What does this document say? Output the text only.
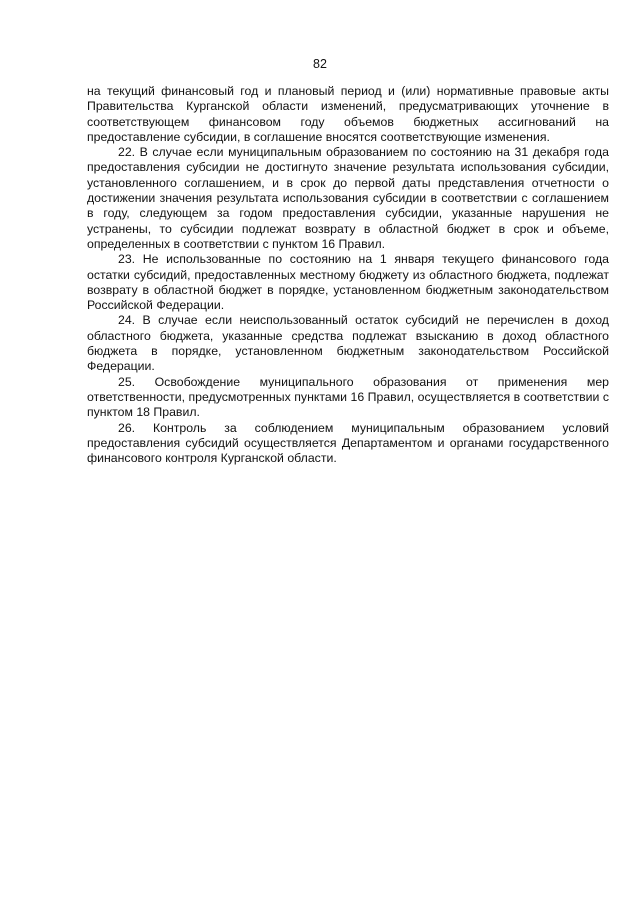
82

на текущий финансовый год и плановый период и (или) нормативные правовые акты Правительства Курганской области изменений, предусматривающих уточнение в соответствующем финансовом году объемов бюджетных ассигнований на предоставление субсидии, в соглашение вносятся соответствующие изменения.

22. В случае если муниципальным образованием по состоянию на 31 декабря года предоставления субсидии не достигнуто значение результата использования субсидии, установленного соглашением, и в срок до первой даты представления отчетности о достижении значения результата использования субсидии в соответствии с соглашением в году, следующем за годом предоставления субсидии, указанные нарушения не устранены, то субсидии подлежат возврату в областной бюджет в срок и объеме, определенных в соответствии с пунктом 16 Правил.

23. Не использованные по состоянию на 1 января текущего финансового года остатки субсидий, предоставленных местному бюджету из областного бюджета, подлежат возврату в областной бюджет в порядке, установленном бюджетным законодательством Российской Федерации.

24. В случае если неиспользованный остаток субсидий не перечислен в доход областного бюджета, указанные средства подлежат взысканию в доход областного бюджета в порядке, установленном бюджетным законодательством Российской Федерации.

25. Освобождение муниципального образования от применения мер ответственности, предусмотренных пунктами 16 Правил, осуществляется в соответствии с пунктом 18 Правил.

26. Контроль за соблюдением муниципальным образованием условий предоставления субсидий осуществляется Департаментом и органами государственного финансового контроля Курганской области.
